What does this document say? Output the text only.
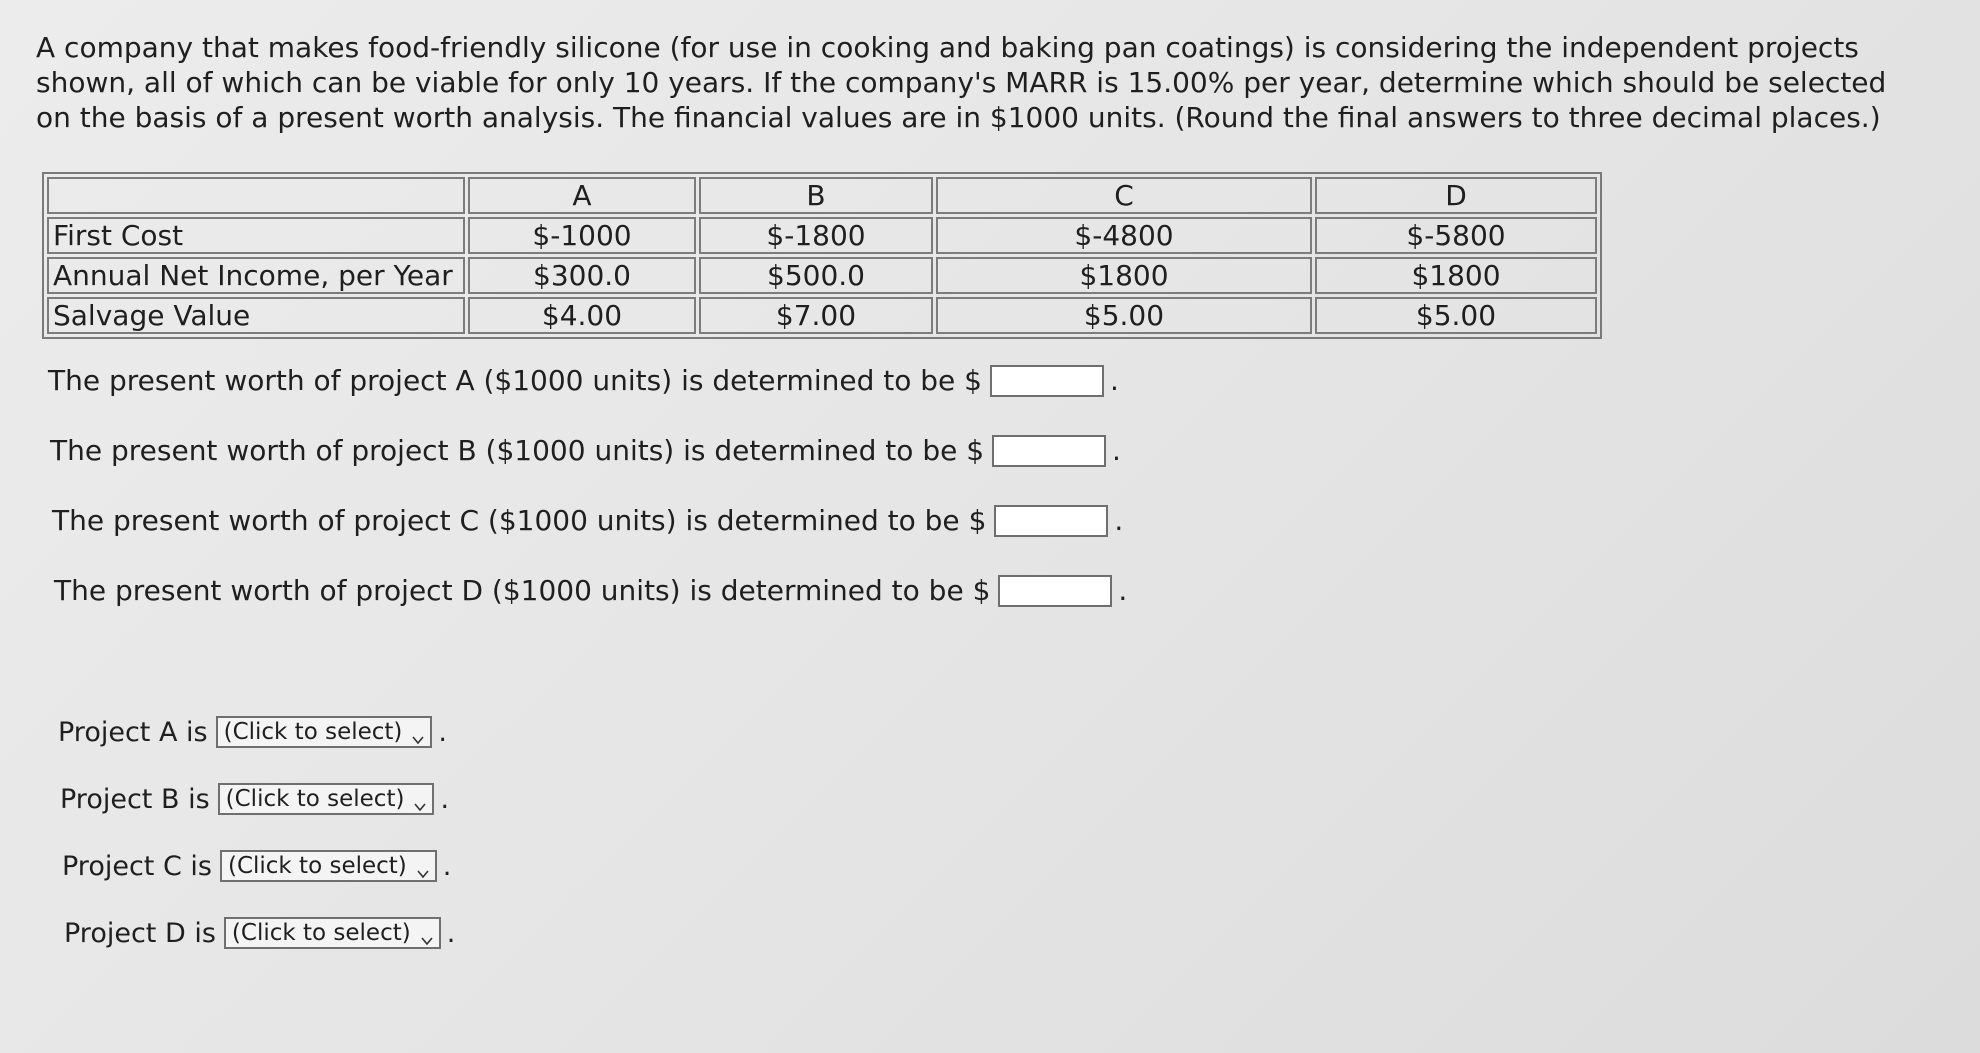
A company that makes food-friendly silicone (for use in cooking and baking pan coatings) is considering the independent projects shown, all of which can be viable for only 10 years. If the company's MARR is 15.00% per year, determine which should be selected on the basis of a present worth analysis. The financial values are in $1000 units. (Round the final answers to three decimal places.)
	A	B	C	D
First Cost	$-1000	$-1800	$-4800	$-5800
Annual Net Income, per Year	$300.0	$500.0	$1800	$1800
Salvage Value	$4.00	$7.00	$5.00	$5.00
The present worth of project A ($1000 units) is determined to be $	.
The present worth of project B ($1000 units) is determined to be $	.
The present worth of project C ($1000 units) is determined to be $	.
The present worth of project D ($1000 units) is determined to be $	.
Project A is (Click to select) .
Project B is (Click to select) .
Project C is (Click to select) .
Project D is (Click to select) .
